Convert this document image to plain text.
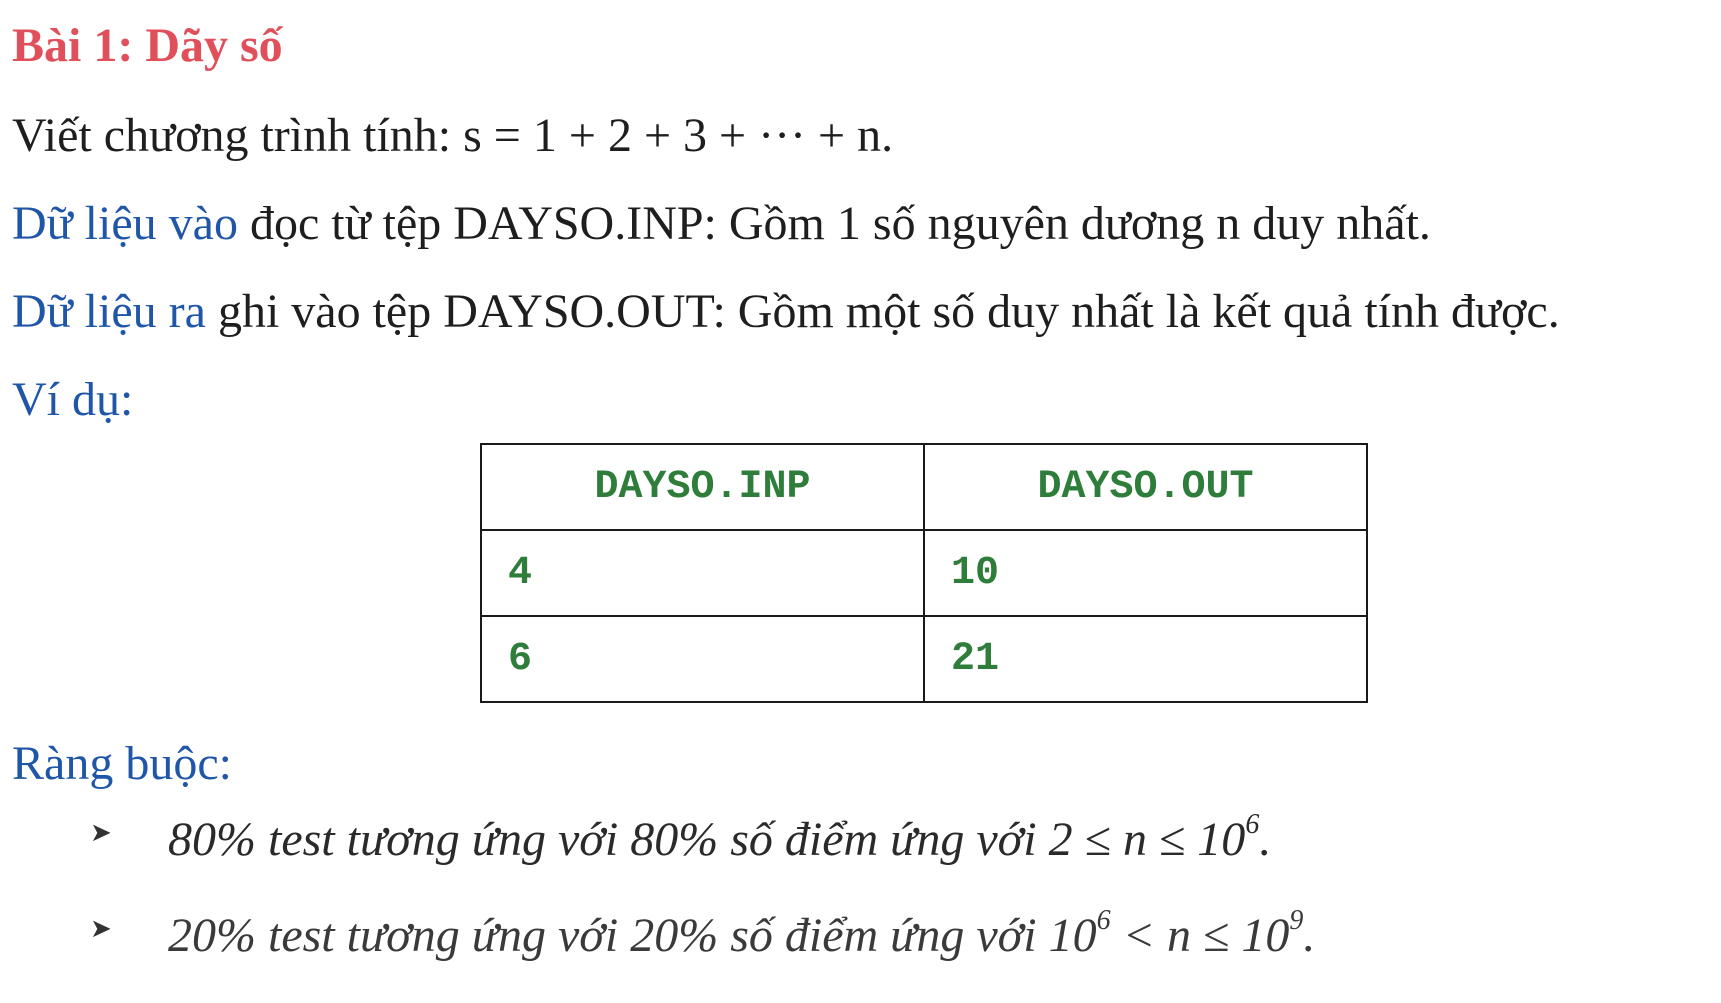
Bài 1: Dãy số
Viết chương trình tính: s = 1 + 2 + 3 + ··· + n.
Dữ liệu vào đọc từ tệp DAYSO.INP: Gồm 1 số nguyên dương n duy nhất.
Dữ liệu ra ghi vào tệp DAYSO.OUT: Gồm một số duy nhất là kết quả tính được.
Ví dụ:
DAYSO.INP	DAYSO.OUT
4	10
6	21
Ràng buộc:
➤ 80% test tương ứng với 80% số điểm ứng với $2 \le n \le 10^6$.
➤ 20% test tương ứng với 20% số điểm ứng với $10^6 < n \le 10^9$.
